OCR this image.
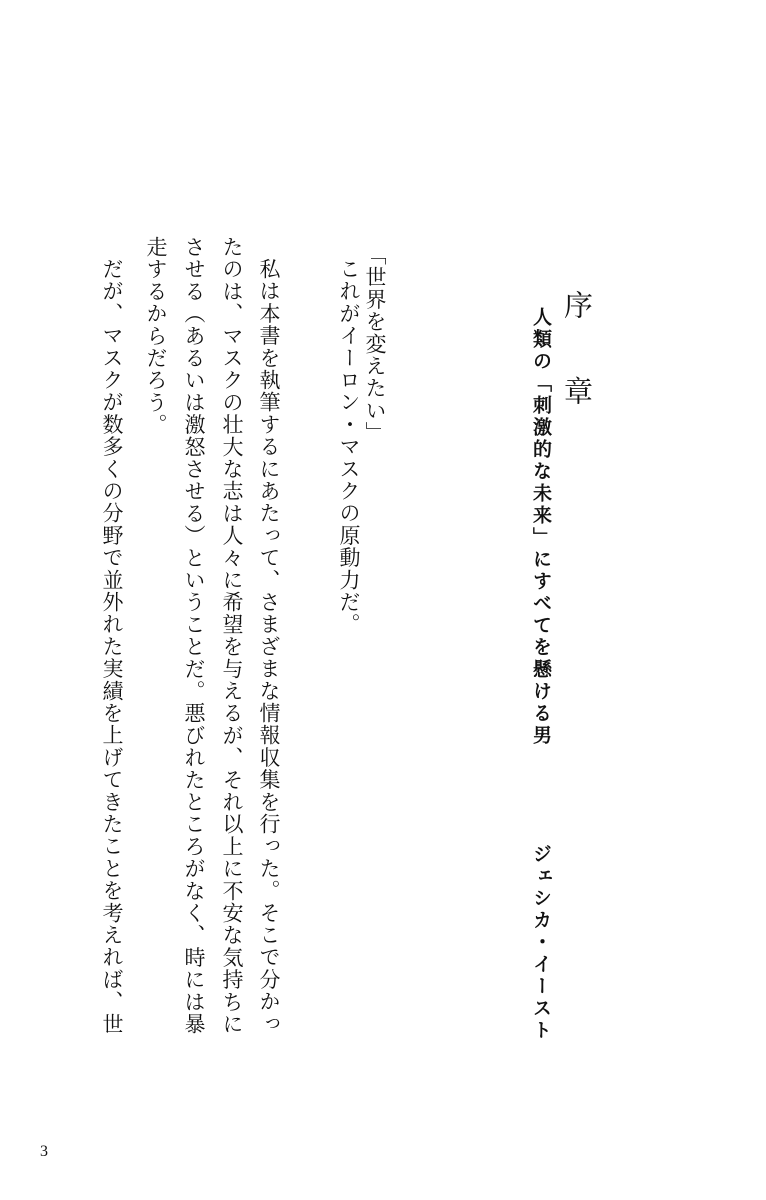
序　章
人類の「刺激的な未来」にすべてを懸ける男
ジェシカ・イースト
「世界を変えたい」
これがイーロン・マスクの原動力だ。
私は本書を執筆するにあたって、さまざまな情報収集を行った。そこで分かっ
たのは、マスクの壮大な志は人々に希望を与えるが、それ以上に不安な気持ちに
させる（あるいは激怒させる）ということだ。悪びれたところがなく、時には暴
走するからだろう。
だが、マスクが数多くの分野で並外れた実績を上げてきたことを考えれば、世
3
